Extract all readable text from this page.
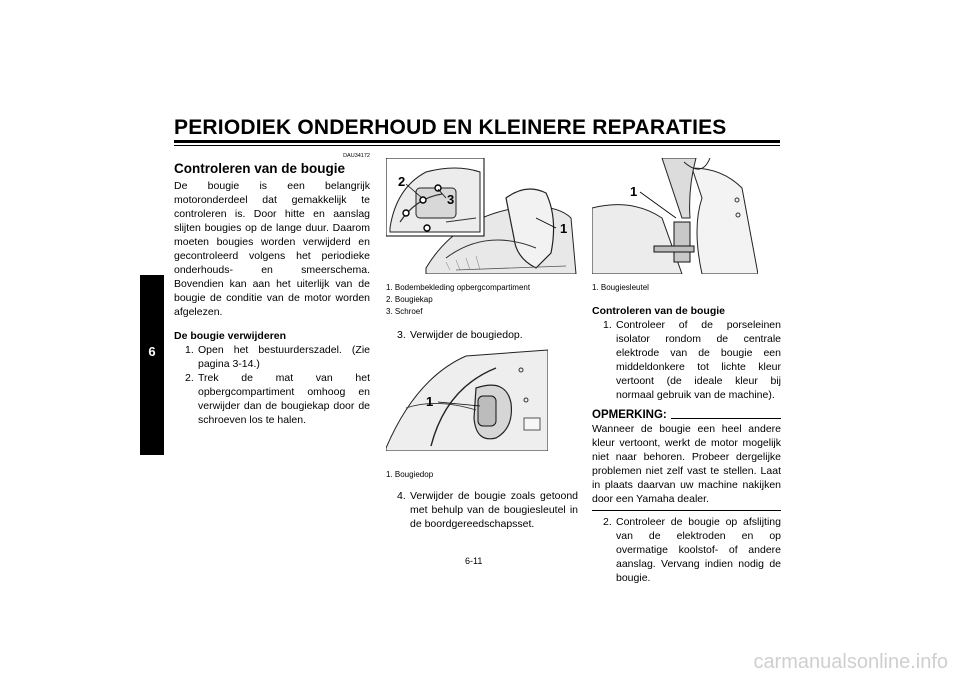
PERIODIEK ONDERHOUD EN KLEINERE REPARATIES
6
DAU34172
Controleren van de bougie

De bougie is een belangrijk motoronderdeel dat gemakkelijk te controleren is. Door hitte en aanslag slijten bougies op de lange duur. Daarom moeten bougies worden verwijderd en gecontroleerd volgens het periodieke onderhouds- en smeerschema. Bovendien kan aan het uiterlijk van de bougie de conditie van de motor worden afgelezen.

De bougie verwijderen
1. Open het bestuurderszadel. (Zie pagina 3-14.)
2. Trek de mat van het opbergcompartiment omhoog en verwijder dan de bougiekap door de schroeven los te halen.
2
3
1
1. Bodembekleding opbergcompartiment
2. Bougiekap
3. Schroef
3. Verwijder de bougiedop.
1
1. Bougiedop
4. Verwijder de bougie zoals getoond met behulp van de bougiesleutel in de boordgereedschapsset.
1
1. Bougiesleutel
Controleren van de bougie
1. Controleer of de porseleinen isolator rondom de centrale elektrode van de bougie een middeldonkere tot lichte kleur vertoont (de ideale kleur bij normaal gebruik van de machine).
OPMERKING:

Wanneer de bougie een heel andere kleur vertoont, werkt de motor mogelijk niet naar behoren. Probeer dergelijke problemen niet zelf vast te stellen. Laat in plaats daarvan uw machine nakijken door een Yamaha dealer.

2. Controleer de bougie op afslijting van de elektroden en op overmatige koolstof- of andere aanslag. Vervang indien nodig de bougie.
6-11
carmanualsonline.info
